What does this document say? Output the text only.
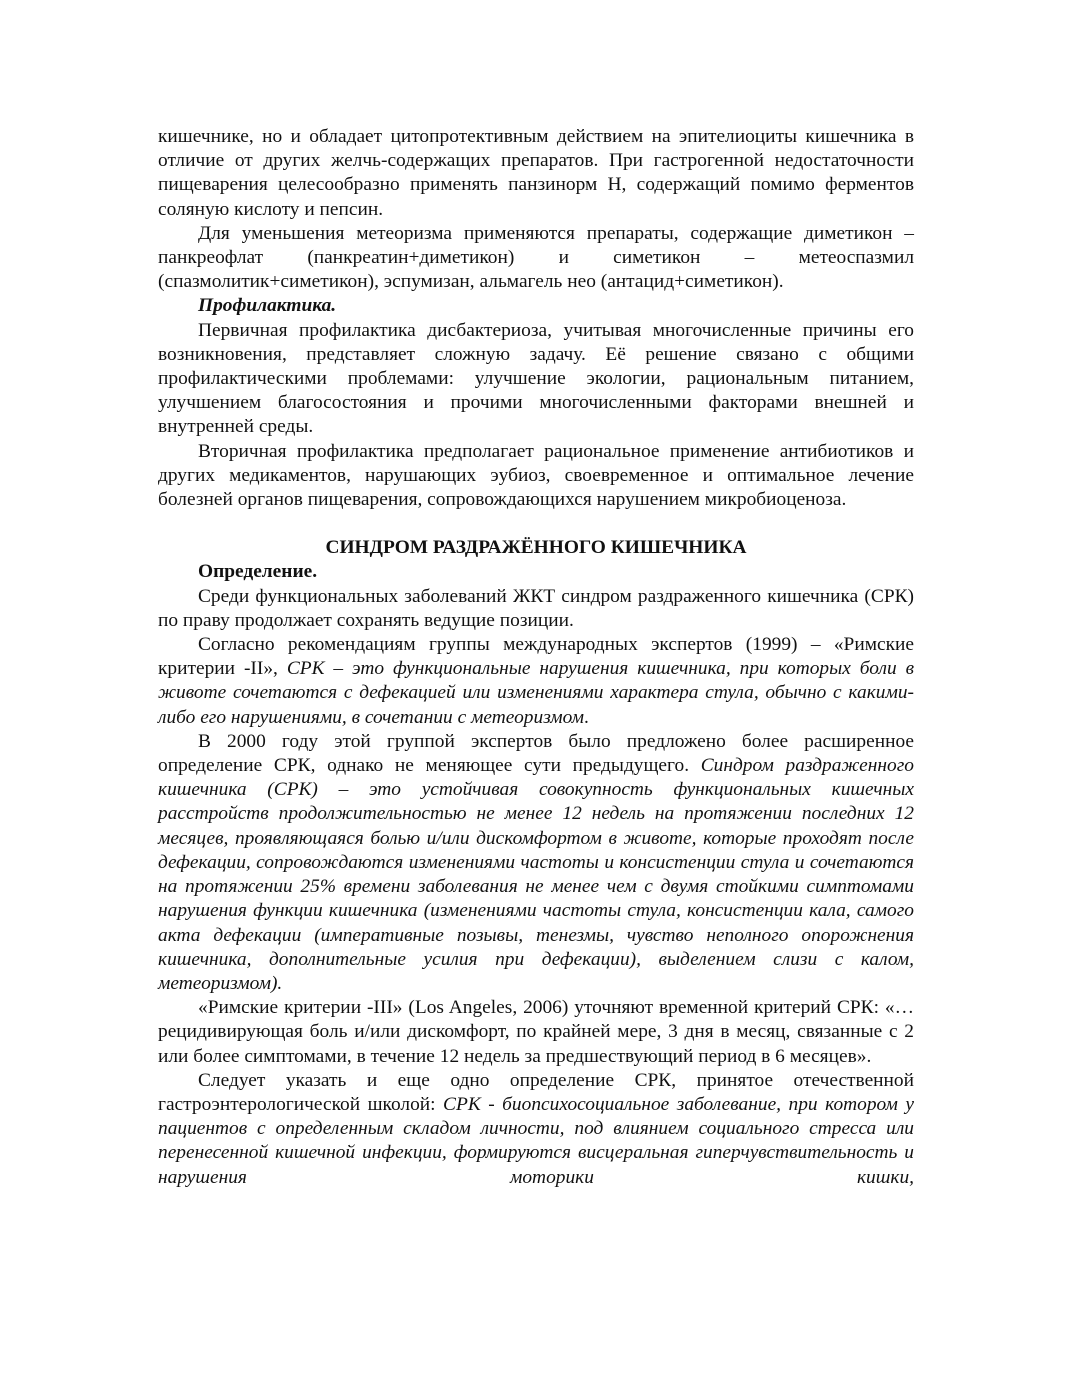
кишечнике, но и обладает цитопротективным действием на эпителиоциты кишечника в отличие от других желчь-содержащих препаратов. При гастрогенной недостаточности пищеварения целесообразно применять панзинорм Н, содержащий помимо ферментов соляную кислоту и пепсин.

Для уменьшения метеоризма применяются препараты, содержащие диметикон – панкреофлат (панкреатин+диметикон) и симетикон – метеоспазмил (спазмолитик+симетикон), эспумизан, альмагель нео (антацид+симетикон).

Профилактика.

Первичная профилактика дисбактериоза, учитывая многочисленные причины его возникновения, представляет сложную задачу. Её решение связано с общими профилактическими проблемами: улучшение экологии, рациональным питанием, улучшением благосостояния и прочими многочисленными факторами внешней и внутренней среды.

Вторичная профилактика предполагает рациональное применение антибиотиков и других медикаментов, нарушающих эубиоз, своевременное и оптимальное лечение болезней органов пищеварения, сопровождающихся нарушением микробиоценоза.

СИНДРОМ РАЗДРАЖЁННОГО КИШЕЧНИКА

Определение.

Среди функциональных заболеваний ЖКТ синдром раздраженного кишечника (СРК) по праву продолжает сохранять ведущие позиции.

Согласно рекомендациям группы международных экспертов (1999) – «Римские критерии -II», СРК – это функциональные нарушения кишечника, при которых боли в животе сочетаются с дефекацией или изменениями характера стула, обычно с какими-либо его нарушениями, в сочетании с метеоризмом.

В 2000 году этой группой экспертов было предложено более расширенное определение СРК, однако не меняющее сути предыдущего. Синдром раздраженного кишечника (СРК) – это устойчивая совокупность функциональных кишечных расстройств продолжительностью не менее 12 недель на протяжении последних 12 месяцев, проявляющаяся болью и/или дискомфортом в животе, которые проходят после дефекации, сопровождаются изменениями частоты и консистенции стула и сочетаются на протяжении 25% времени заболевания не менее чем с двумя стойкими симптомами нарушения функции кишечника (изменениями частоты стула, консистенции кала, самого акта дефекации (императивные позывы, тенезмы, чувство неполного опорожнения кишечника, дополнительные усилия при дефекации), выделением слизи с калом, метеоризмом).

«Римские критерии -III» (Los Angeles, 2006) уточняют временной критерий СРК: «…рецидивирующая боль и/или дискомфорт, по крайней мере, 3 дня в месяц, связанные с 2 или более симптомами, в течение 12 недель за предшествующий период в 6 месяцев».

Следует указать и еще одно определение СРК, принятое отечественной гастроэнтерологической школой: СРК - биопсихосоциальное заболевание, при котором у пациентов с определенным складом личности, под влиянием социального стресса или перенесенной кишечной инфекции, формируются висцеральная гиперчувствительность и нарушения моторики кишки,
